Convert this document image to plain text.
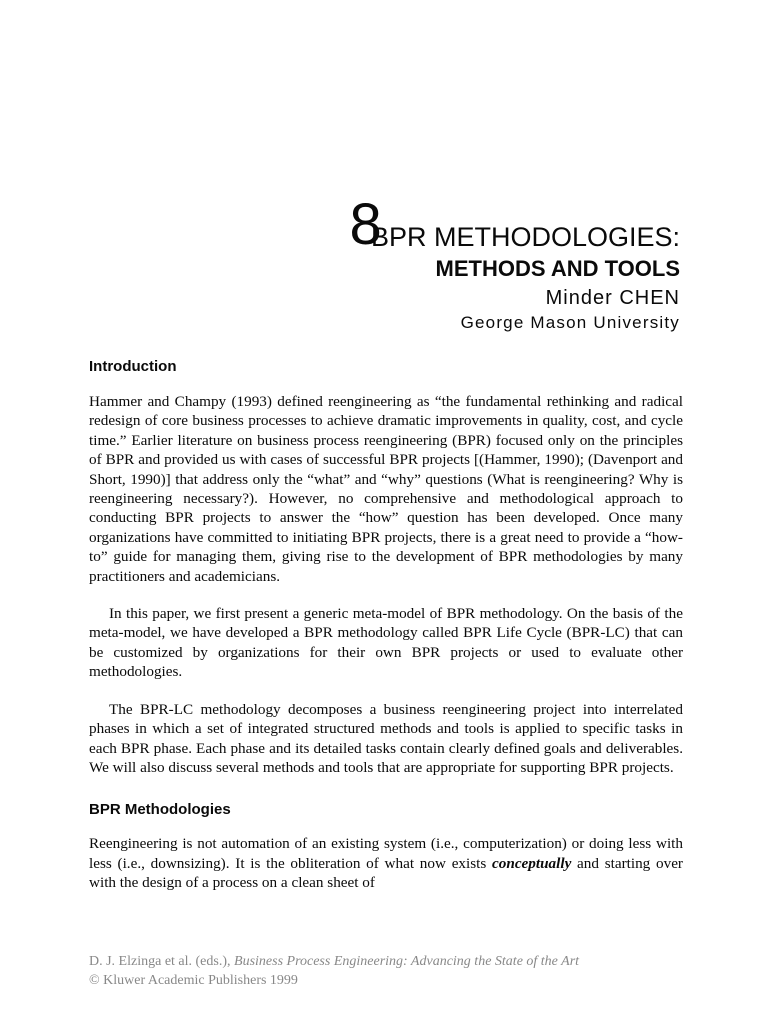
8
BPR METHODOLOGIES:
METHODS AND TOOLS
Minder CHEN
George Mason University
Introduction

Hammer and Champy (1993) defined reengineering as “the fundamental rethinking and radical redesign of core business processes to achieve dramatic improvements in quality, cost, and cycle time.” Earlier literature on business process reengineering (BPR) focused only on the principles of BPR and provided us with cases of successful BPR projects [(Hammer, 1990); (Davenport and Short, 1990)] that address only the “what” and “why” questions (What is reengineering? Why is reengineering necessary?). However, no comprehensive and methodological approach to conducting BPR projects to answer the “how” question has been developed. Once many organizations have committed to initiating BPR projects, there is a great need to provide a “how-to” guide for managing them, giving rise to the development of BPR methodologies by many practitioners and academicians.

In this paper, we first present a generic meta-model of BPR methodology. On the basis of the meta-model, we have developed a BPR methodology called BPR Life Cycle (BPR-LC) that can be customized by organizations for their own BPR projects or used to evaluate other methodologies.

The BPR-LC methodology decomposes a business reengineering project into interrelated phases in which a set of integrated structured methods and tools is applied to specific tasks in each BPR phase. Each phase and its detailed tasks contain clearly defined goals and deliverables. We will also discuss several methods and tools that are appropriate for supporting BPR projects.

BPR Methodologies

Reengineering is not automation of an existing system (i.e., computerization) or doing less with less (i.e., downsizing). It is the obliteration of what now exists conceptually and starting over with the design of a process on a clean sheet of

D. J. Elzinga et al. (eds.), Business Process Engineering: Advancing the State of the Art
© Kluwer Academic Publishers 1999
